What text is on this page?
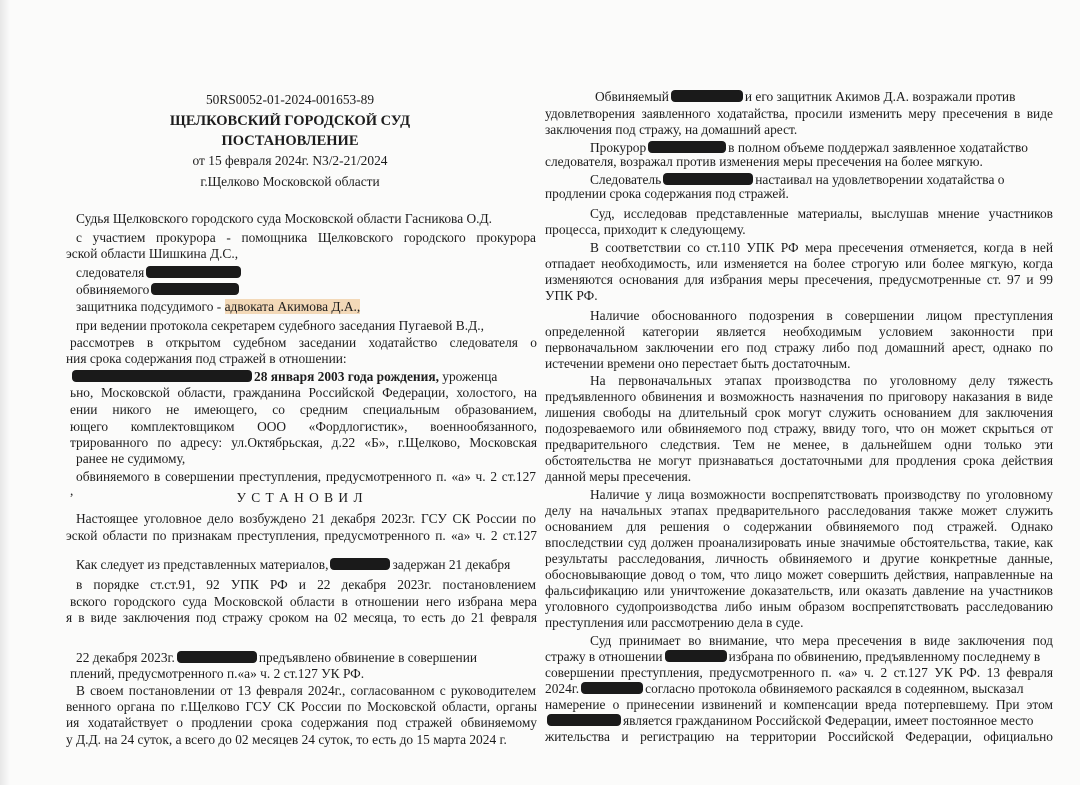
50RS0052-01-2024-001653-89
ЩЕЛКОВСКИЙ ГОРОДСКОЙ СУД
ПОСТАНОВЛЕНИЕ
от 15 февраля 2024г. N3/2-21/2024
г.Щелково Московской области
Судья Щелковского городского суда Московской области Гасникова О.Д.
с участием прокурора - помощника Щелковского городского прокурора
эской области Шишкина Д.С.,
следователя
обвиняемого
защитника подсудимого - адвоката Акимова Д.А.,
при ведении протокола секретарем судебного заседания Пугаевой В.Д.,
рассмотрев в открытом судебном заседании ходатайство следователя о
ния срока содержания под стражей в отношении:
28 января 2003 года рождения, уроженца
ьно, Московской области, гражданина Российской Федерации, холостого, на
ении никого не имеющего, со средним специальным образованием,
ющего комплектовщиком ООО «Фордлогистик», военнообязанного,
трированного по адресу: ул.Октябрьская, д.22 «Б», г.Щелково, Московская
ранее не судимому,
обвиняемого в совершении преступления, предусмотренного п. «а» ч. 2 ст.127
,	У С Т А Н О В И Л
Настоящее уголовное дело возбуждено 21 декабря 2023г. ГСУ СК России по
эской области по признакам преступления, предусмотренного п. «а» ч. 2 ст.127
Как следует из представленных материалов,	задержан 21 декабря
в порядке ст.ст.91, 92 УПК РФ и 22 декабря 2023г. постановлением
вского городского суда Московской области в отношении него избрана мера
я в виде заключения под стражу сроком на 02 месяца, то есть до 21 февраля
22 декабря 2023г.	предъявлено обвинение в совершении
плений, предусмотренного п.«а» ч. 2 ст.127 УК РФ.
В своем постановлении от 13 февраля 2024г., согласованном с руководителем
венного органа по г.Щелково ГСУ СК России по Московской области, органы
ия ходатайствует о продлении срока содержания под стражей обвиняемому
у Д.Д. на 24 суток, а всего до 02 месяцев 24 суток, то есть до 15 марта 2024 г.
Обвиняемый	и его защитник Акимов Д.А. возражали против
удовлетворения заявленного ходатайства, просили изменить меру пресечения в виде
заключения под стражу, на домашний арест.
Прокурор	в полном объеме поддержал заявленное ходатайство
следователя, возражал против изменения меры пресечения на более мягкую.
Следователь	настаивал на удовлетворении ходатайства о
продлении срока содержания под стражей.
Суд, исследовав представленные материалы, выслушав мнение участников
процесса, приходит к следующему.
В соответствии со ст.110 УПК РФ мера пресечения отменяется, когда в ней
отпадает необходимость, или изменяется на более строгую или более мягкую, когда
изменяются основания для избрания меры пресечения, предусмотренные ст. 97 и 99
УПК РФ.
Наличие обоснованного подозрения в совершении лицом преступления
определенной категории является необходимым условием законности при
первоначальном заключении его под стражу либо под домашний арест, однако по
истечении времени оно перестает быть достаточным.
На первоначальных этапах производства по уголовному делу тяжесть
предъявленного обвинения и возможность назначения по приговору наказания в виде
лишения свободы на длительный срок могут служить основанием для заключения
подозреваемого или обвиняемого под стражу, ввиду того, что он может скрыться от
предварительного следствия. Тем не менее, в дальнейшем одни только эти
обстоятельства не могут признаваться достаточными для продления срока действия
данной меры пресечения.
Наличие у лица возможности воспрепятствовать производству по уголовному
делу на начальных этапах предварительного расследования также может служить
основанием для решения о содержании обвиняемого под стражей. Однако
впоследствии суд должен проанализировать иные значимые обстоятельства, такие, как
результаты расследования, личность обвиняемого и другие конкретные данные,
обосновывающие довод о том, что лицо может совершить действия, направленные на
фальсификацию или уничтожение доказательств, или оказать давление на участников
уголовного судопроизводства либо иным образом воспрепятствовать расследованию
преступления или рассмотрению дела в суде.
Суд принимает во внимание, что мера пресечения в виде заключения под
стражу в отношении	избрана по обвинению, предъявленному последнему в
совершении преступления, предусмотренного п. «а» ч. 2 ст.127 УК РФ. 13 февраля
2024г.	согласно протокола обвиняемого раскаялся в содеянном, высказал
намерение о принесении извинений и компенсации вреда потерпевшему. При этом
является гражданином Российской Федерации, имеет постоянное место
жительства и регистрацию на территории Российской Федерации, официально
